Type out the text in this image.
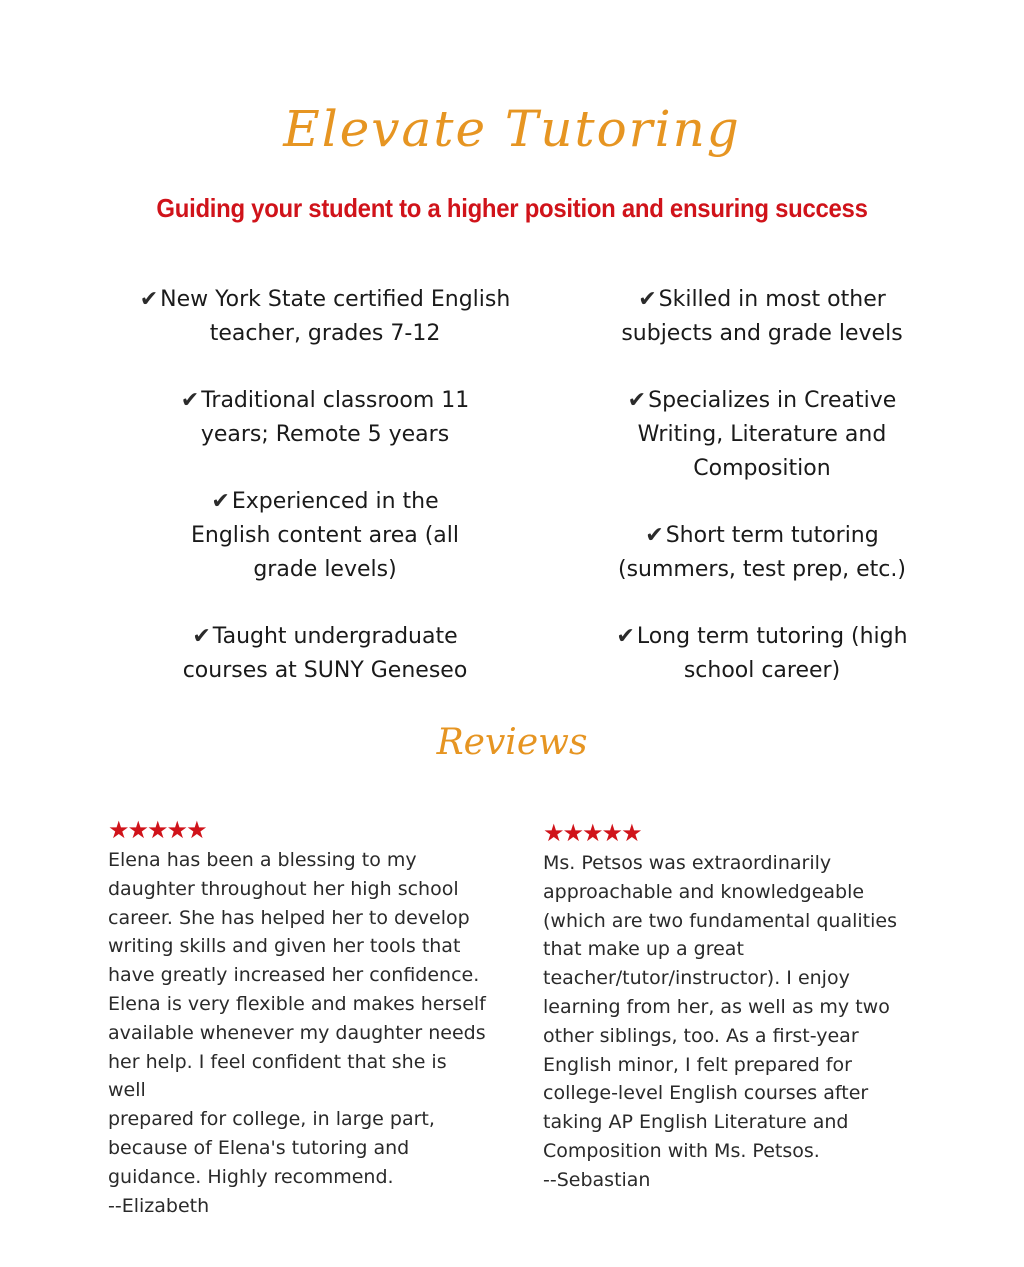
Elevate Tutoring
Guiding your student to a higher position and ensuring success
✔New York State certified English teacher, grades 7-12
✔Traditional classroom 11 years; Remote 5 years
✔Experienced in the English content area (all grade levels)
✔Taught undergraduate courses at SUNY Geneseo
✔Skilled in most other subjects and grade levels
✔Specializes in Creative Writing, Literature and Composition
✔Short term tutoring (summers, test prep, etc.)
✔Long term tutoring (high school career)
Reviews
★★★★★
Elena has been a blessing to my
daughter throughout her high school
career. She has helped her to develop
writing skills and given her tools that
have greatly increased her confidence.
Elena is very flexible and makes herself
available whenever my daughter needs
her help. I feel confident that she is well
prepared for college, in large part,
because of Elena's tutoring and
guidance. Highly recommend.
--Elizabeth
★★★★★
Ms. Petsos was extraordinarily
approachable and knowledgeable
(which are two fundamental qualities
that make up a great
teacher/tutor/instructor). I enjoy
learning from her, as well as my two
other siblings, too. As a first-year
English minor, I felt prepared for
college-level English courses after
taking AP English Literature and
Composition with Ms. Petsos.
--Sebastian
